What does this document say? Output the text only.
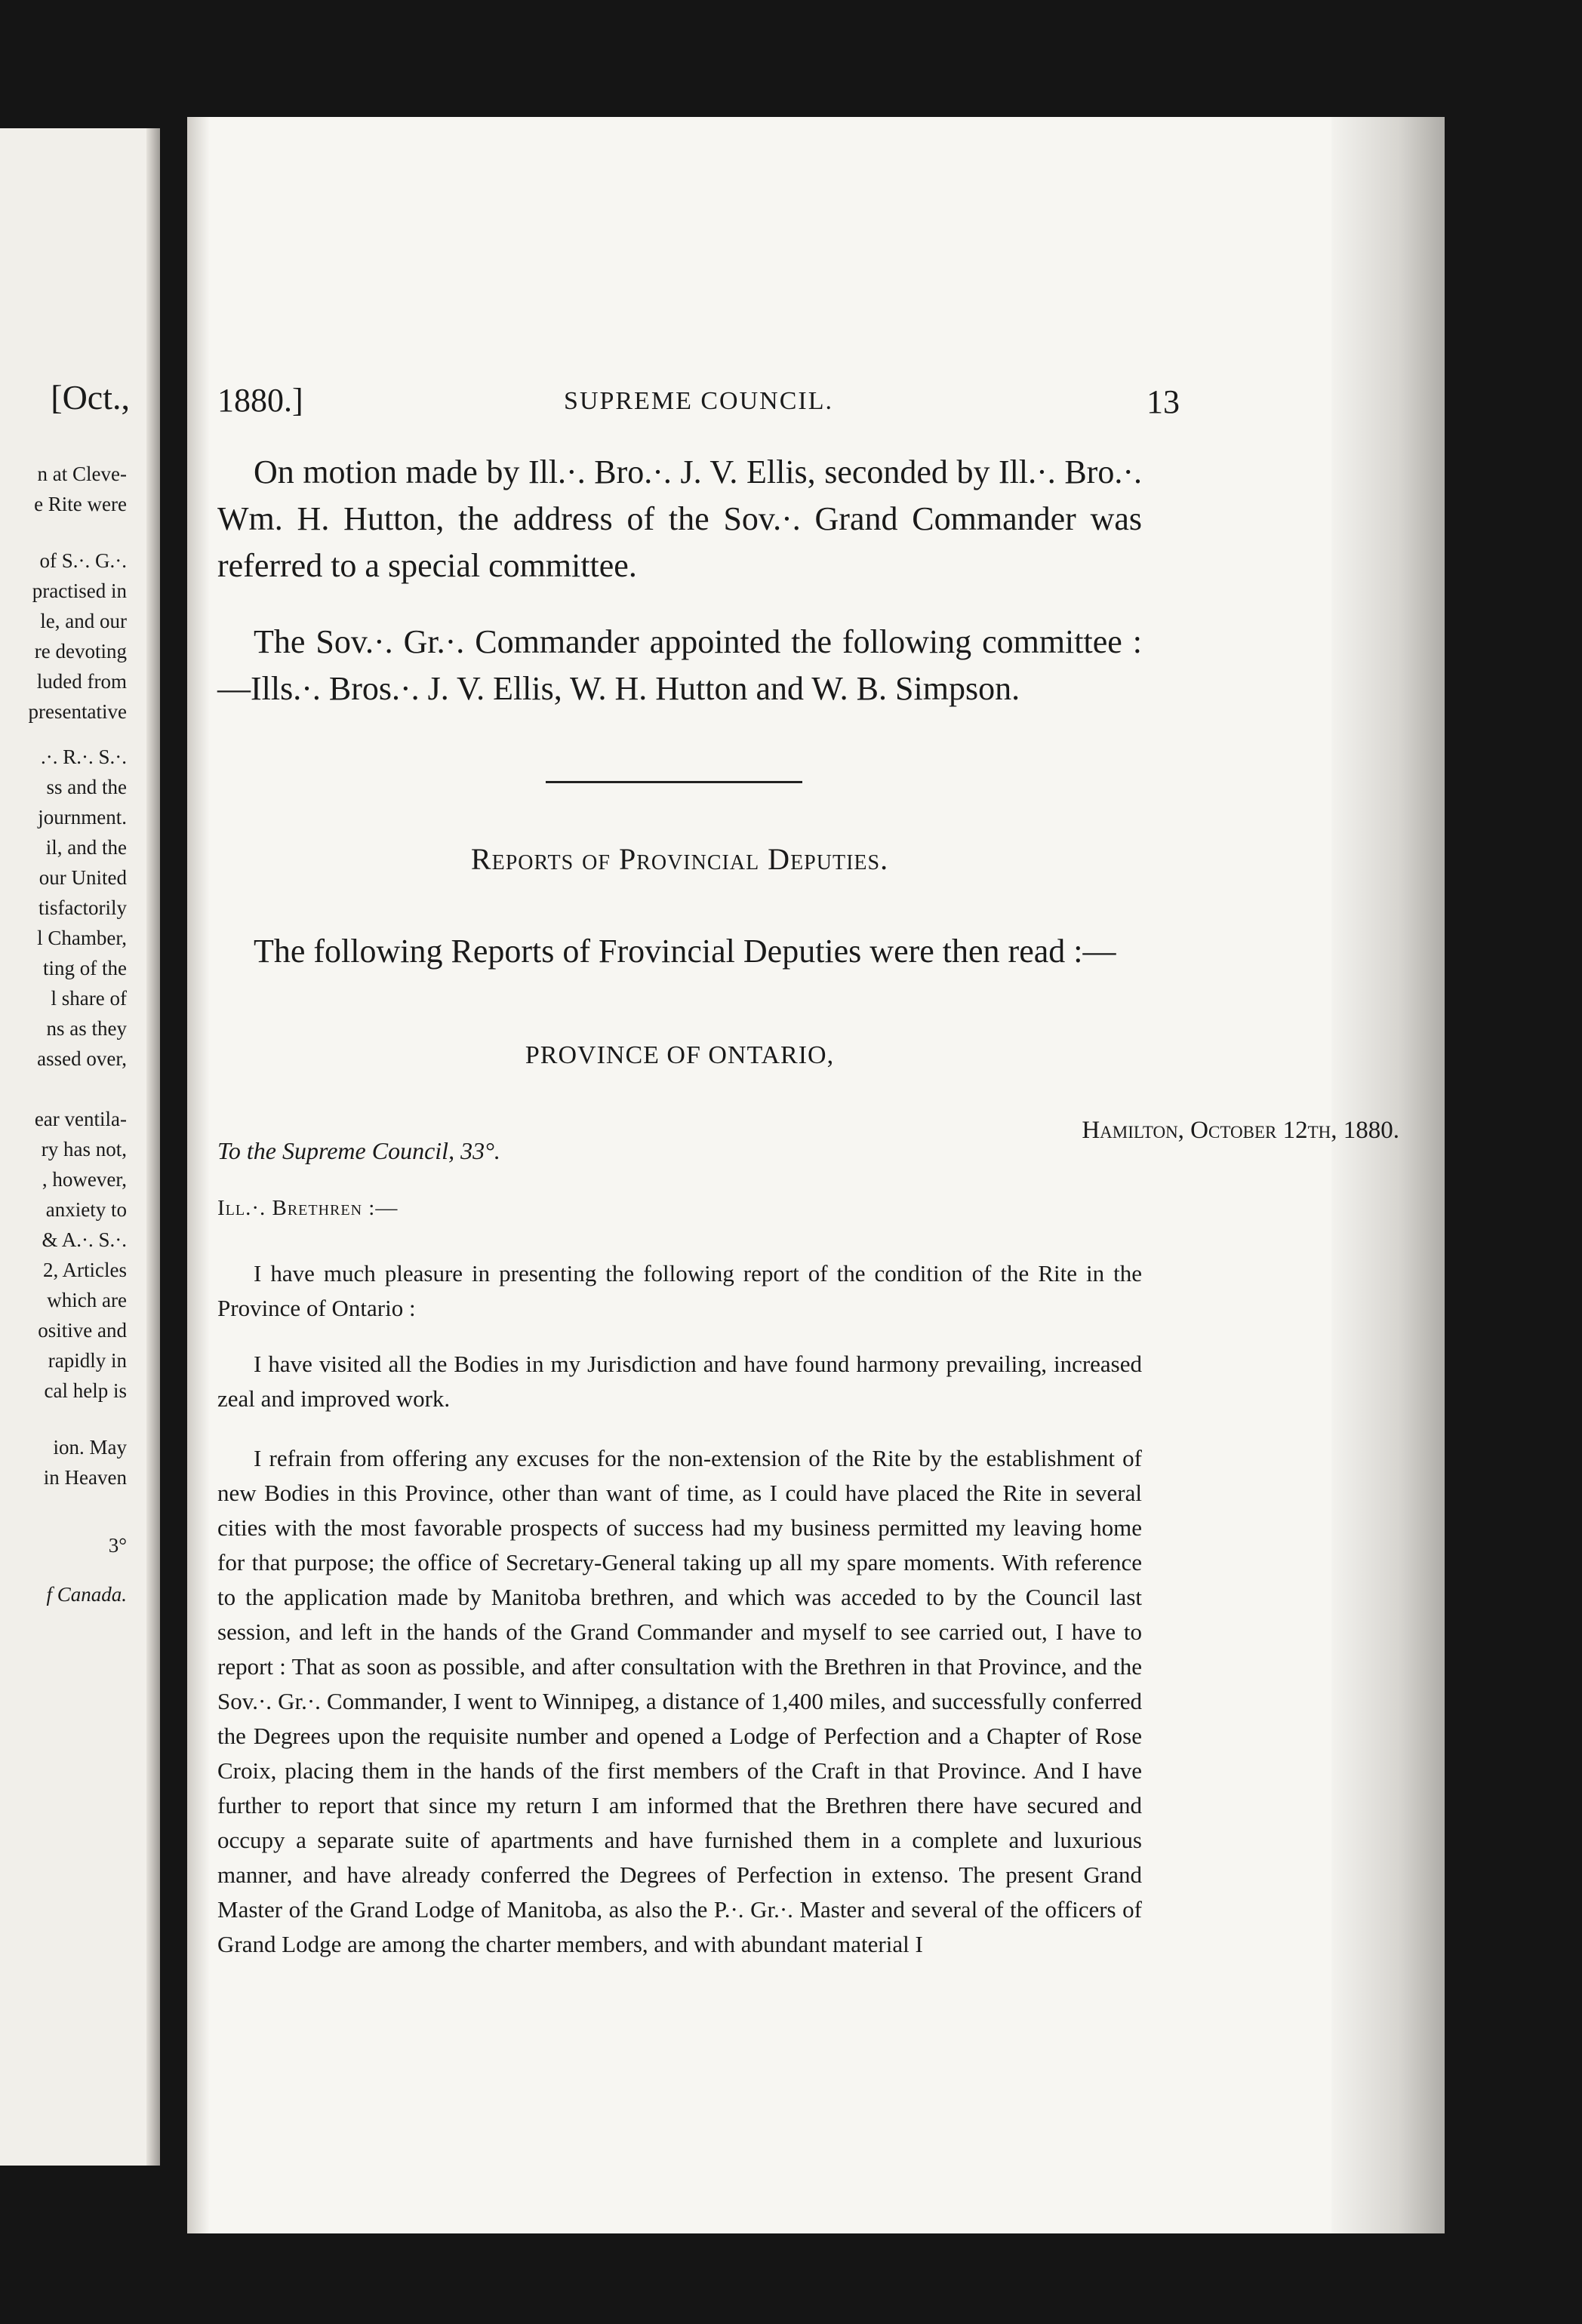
[Oct.,
n at Cleve-
e Rite were
of S.·. G.·.
practised in
le, and our
re devoting
luded from
presentative
.·. R.·. S.·.
ss and the
journment.
il, and the
our United
tisfactorily
l Chamber,
ting of the
l share of
ns as they
assed over,
ear ventila-
ry has not,
, however,
anxiety to
& A.·. S.·.
2, Articles
which are
ositive and
rapidly in
cal help is
ion. May
in Heaven
3°
f Canada.
1880.]	SUPREME COUNCIL.	13

On motion made by Ill.·. Bro.·. J. V. Ellis, seconded by Ill.·. Bro.·. Wm. H. Hutton, the address of the Sov.·. Grand Commander was referred to a special committee.

The Sov.·. Gr.·. Commander appointed the following committee :—Ills.·. Bros.·. J. V. Ellis, W. H. Hutton and W. B. Simpson.

Reports of Provincial Deputies.

The following Reports of Frovincial Deputies were then read :—

PROVINCE OF ONTARIO,
Hamilton, October 12th, 1880.
To the Supreme Council, 33°.
Ill.·. Brethren :—

I have much pleasure in presenting the following report of the condition of the Rite in the Province of Ontario :

I have visited all the Bodies in my Jurisdiction and have found harmony prevailing, increased zeal and improved work.

I refrain from offering any excuses for the non-extension of the Rite by the establishment of new Bodies in this Province, other than want of time, as I could have placed the Rite in several cities with the most favorable prospects of success had my business permitted my leaving home for that purpose; the office of Secretary-General taking up all my spare moments. With reference to the application made by Manitoba brethren, and which was acceded to by the Council last session, and left in the hands of the Grand Commander and myself to see carried out, I have to report : That as soon as possible, and after consultation with the Brethren in that Province, and the Sov.·. Gr.·. Commander, I went to Winnipeg, a distance of 1,400 miles, and successfully conferred the Degrees upon the requisite number and opened a Lodge of Perfection and a Chapter of Rose Croix, placing them in the hands of the first members of the Craft in that Province. And I have further to report that since my return I am informed that the Brethren there have secured and occupy a separate suite of apartments and have furnished them in a complete and luxurious manner, and have already conferred the Degrees of Perfection in extenso. The present Grand Master of the Grand Lodge of Manitoba, as also the P.·. Gr.·. Master and several of the officers of Grand Lodge are among the charter members, and with abundant material I
